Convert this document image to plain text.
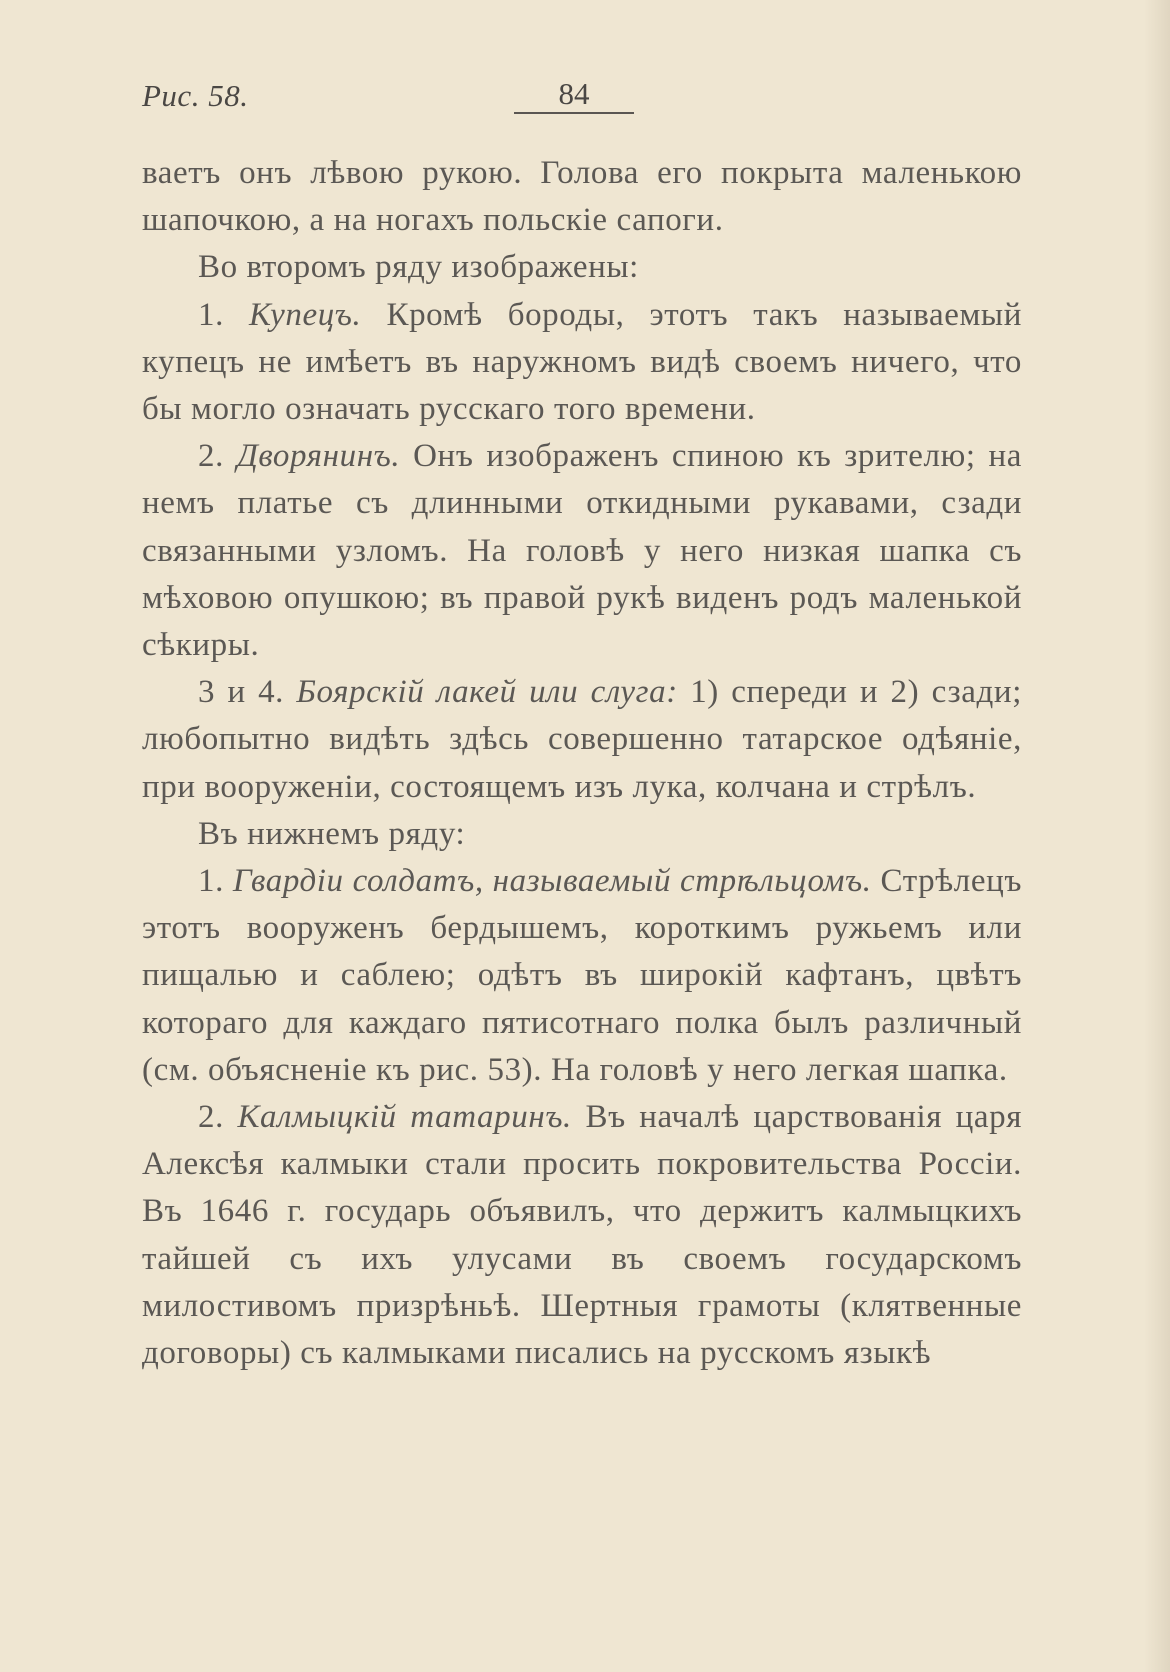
Рис. 58.	84

ваетъ онъ лѣвою рукою. Голова его покрыта маленькою шапочкою, а на ногахъ польскіе сапоги.

Во второмъ ряду изображены:

1. Купецъ. Кромѣ бороды, этотъ такъ называемый купецъ не имѣетъ въ наружномъ видѣ своемъ ничего, что бы могло означать русскаго того времени.

2. Дворянинъ. Онъ изображенъ спиною къ зрителю; на немъ платье съ длинными откидными рукавами, сзади связанными узломъ. На головѣ у него низкая шапка съ мѣховою опушкою; въ правой рукѣ виденъ родъ маленькой сѣкиры.

3 и 4. Боярскій лакей или слуга: 1) спереди и 2) сзади; любопытно видѣть здѣсь совершенно татарское одѣяніе, при вооруженіи, состоящемъ изъ лука, колчана и стрѣлъ.

Въ нижнемъ ряду:

1. Гвардіи солдатъ, называемый стрѣльцомъ. Стрѣлецъ этотъ вооруженъ бердышемъ, короткимъ ружьемъ или пищалью и саблею; одѣтъ въ широкій кафтанъ, цвѣтъ котораго для каждаго пятисотнаго полка былъ различный (см. объясненіе къ рис. 53). На головѣ у него легкая шапка.

2. Калмыцкій татаринъ. Въ началѣ царствованія царя Алексѣя калмыки стали просить покровительства Россіи. Въ 1646 г. государь объявилъ, что держитъ калмыцкихъ тайшей съ ихъ улусами въ своемъ государскомъ милостивомъ призрѣньѣ. Шертныя грамоты (клятвенные договоры) съ калмыками писались на русскомъ языкѣ
